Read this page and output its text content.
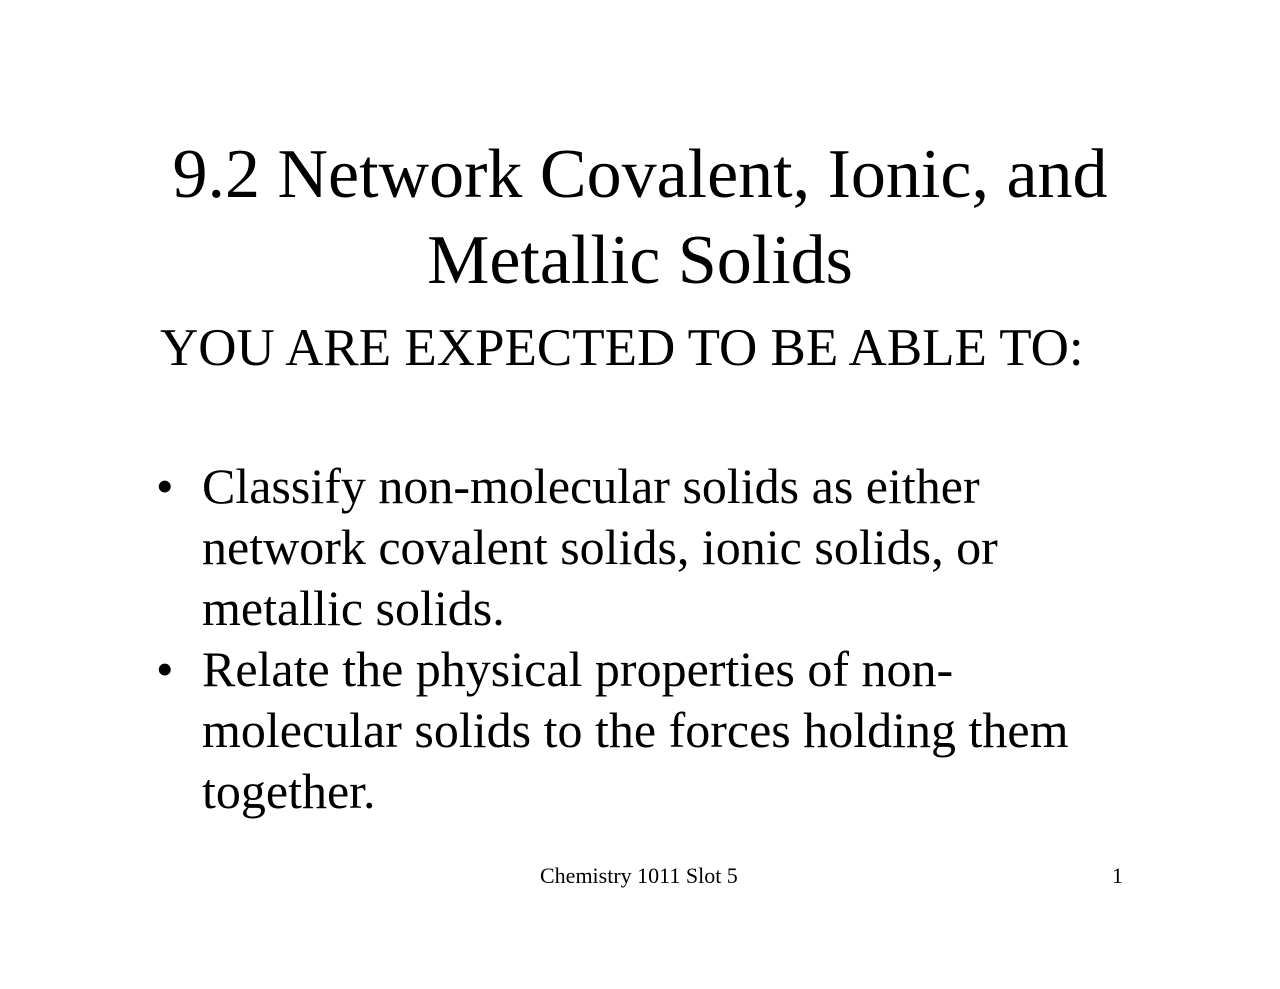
9.2 Network Covalent, Ionic, and
Metallic Solids

YOU ARE EXPECTED TO BE ABLE TO:

• Classify non-molecular solids as either
network covalent solids, ionic solids, or
metallic solids.
• Relate the physical properties of non-
molecular solids to the forces holding them
together.
Chemistry 1011 Slot 5	1
